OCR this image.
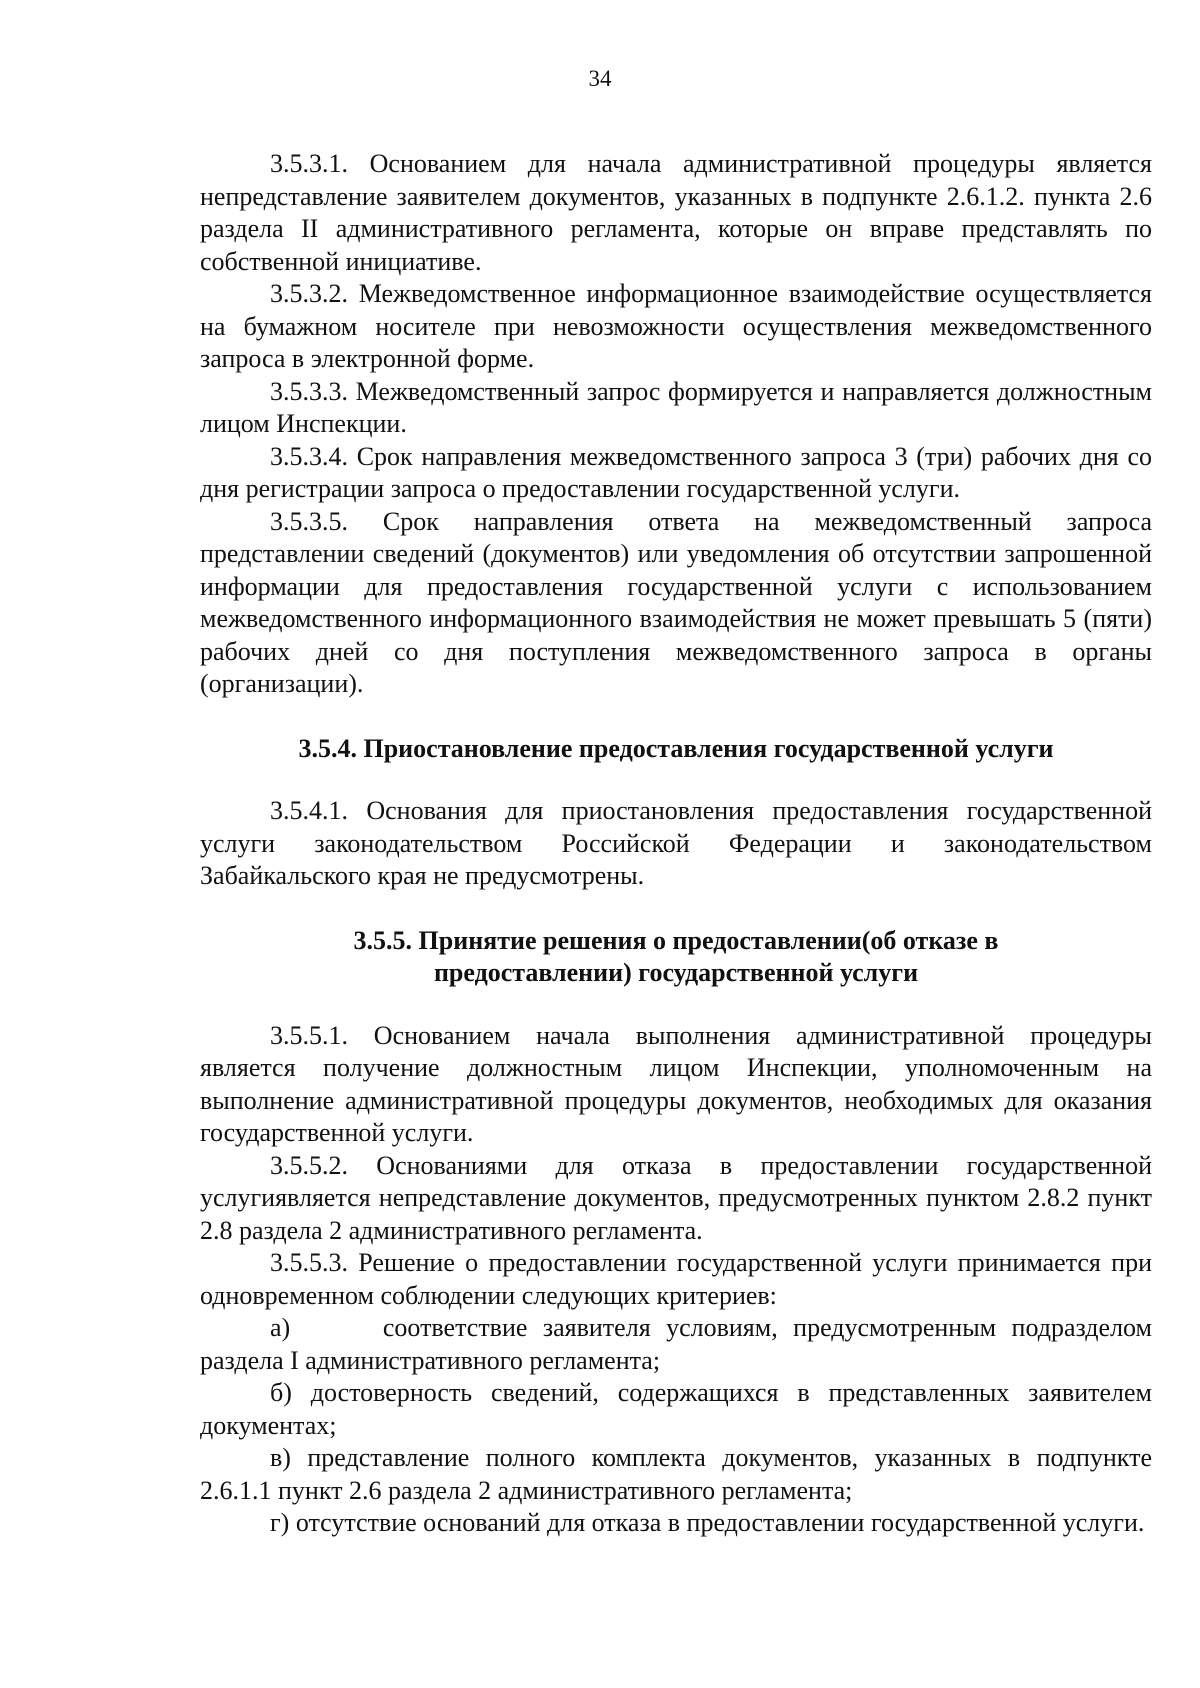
34

3.5.3.1. Основанием для начала административной процедуры является непредставление заявителем документов, указанных в подпункте 2.6.1.2. пункта 2.6 раздела II административного регламента, которые он вправе представлять по собственной инициативе.

3.5.3.2. Межведомственное информационное взаимодействие осуществляется на бумажном носителе при невозможности осуществления межведомственного запроса в электронной форме.

3.5.3.3. Межведомственный запрос формируется и направляется должностным лицом Инспекции.

3.5.3.4. Срок направления межведомственного запроса 3 (три) рабочих дня со дня регистрации запроса о предоставлении государственной услуги.

3.5.3.5. Срок направления ответа на межведомственный запроса представлении сведений (документов) или уведомления об отсутствии запрошенной информации для предоставления государственной услуги с использованием межведомственного информационного взаимодействия не может превышать 5 (пяти) рабочих дней со дня поступления межведомственного запроса в органы (организации).

3.5.4. Приостановление предоставления государственной услуги

3.5.4.1. Основания для приостановления предоставления государственной услуги законодательством Российской Федерации и законодательством Забайкальского края не предусмотрены.

3.5.5. Принятие решения о предоставлении(об отказе в
предоставлении) государственной услуги

3.5.5.1. Основанием начала выполнения административной процедуры является получение должностным лицом Инспекции, уполномоченным на выполнение административной процедуры документов, необходимых для оказания государственной услуги.

3.5.5.2. Основаниями для отказа в предоставлении государственной услугиявляется непредставление документов, предусмотренных пунктом 2.8.2 пункт 2.8 раздела 2 административного регламента.

3.5.5.3. Решение о предоставлении государственной услуги принимается при одновременном соблюдении следующих критериев:

а)      соответствие заявителя условиям, предусмотренным подразделом раздела I административного регламента;

б) достоверность сведений, содержащихся в представленных заявителем документах;

в) представление полного комплекта документов, указанных в подпункте 2.6.1.1 пункт 2.6 раздела 2 административного регламента;

г) отсутствие оснований для отказа в предоставлении государственной услуги.
